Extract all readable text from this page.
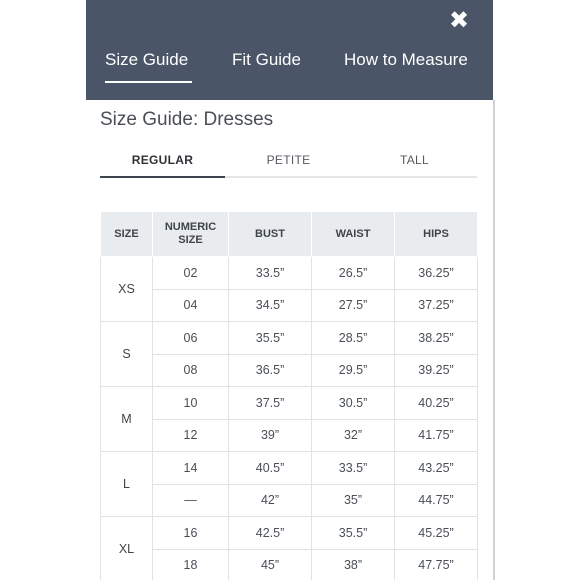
✖
Size Guide	Fit Guide	How to Measure
Size Guide: Dresses
REGULAR	PETITE	TALL
SIZE	NUMERIC SIZE	BUST	WAIST	HIPS
XS	02	33.5”	26.5”	36.25”
	04	34.5”	27.5”	37.25”
S	06	35.5”	28.5”	38.25”
	08	36.5”	29.5”	39.25”
M	10	37.5”	30.5”	40.25”
	12	39”	32”	41.75”
L	14	40.5”	33.5”	43.25”
	—	42”	35”	44.75”
XL	16	42.5”	35.5”	45.25”
	18	45”	38”	47.75”
